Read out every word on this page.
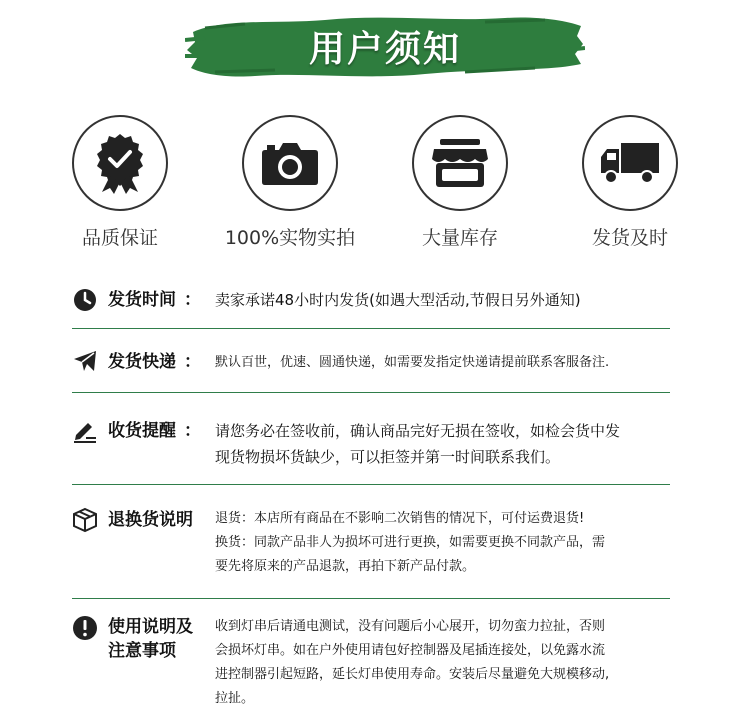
用户须知
品质保证	100%实物实拍	大量库存	发货及时
发货时间 ： 卖家承诺48小时内发货(如遇大型活动,节假日另外通知)
发货快递 ： 默认百世，优速、圆通快递，如需要发指定快递请提前联系客服备注.
收货提醒 ： 请您务必在签收前，确认商品完好无损在签收，如检会货中发
现货物损坏货缺少，可以拒签并第一时间联系我们。
退换货说明 退货：本店所有商品在不影响二次销售的情况下，可付运费退货!
换货：同款产品非人为损坏可进行更换，如需要更换不同款产品，需
要先将原来的产品退款，再拍下新产品付款。
使用说明及
注意事项
收到灯串后请通电测试，没有问题后小心展开，切勿蛮力拉扯，否则
会损坏灯串。如在户外使用请包好控制器及尾插连接处，以免露水流
进控制器引起短路，延长灯串使用寿命。安装后尽量避免大规模移动,
拉扯。
